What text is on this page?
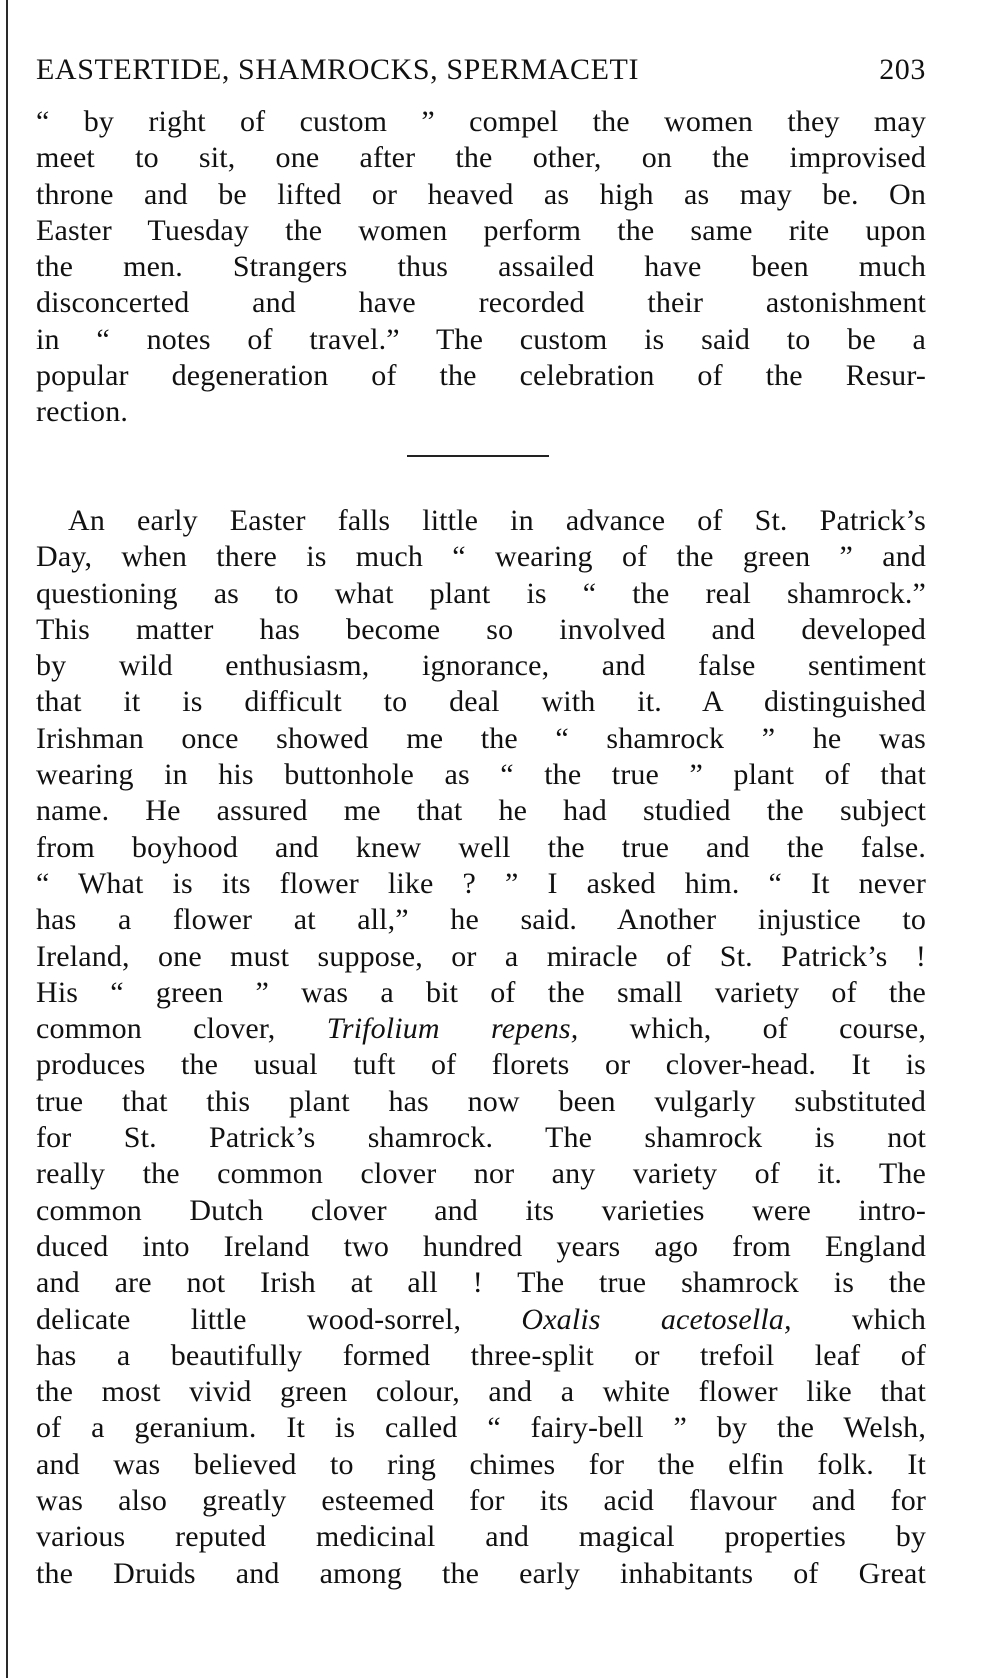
EASTERTIDE, SHAMROCKS, SPERMACETI	203
“ by right of custom ” compel the women they may
meet to sit, one after the other, on the improvised
throne and be lifted or heaved as high as may be. On
Easter Tuesday the women perform the same rite upon
the men. Strangers thus assailed have been much
disconcerted and have recorded their astonishment
in “ notes of travel.” The custom is said to be a
popular degeneration of the celebration of the Resur-
rection.
An early Easter falls little in advance of St. Patrick’s
Day, when there is much “ wearing of the green ” and
questioning as to what plant is “ the real shamrock.”
This matter has become so involved and developed
by wild enthusiasm, ignorance, and false sentiment
that it is difficult to deal with it. A distinguished
Irishman once showed me the “ shamrock ” he was
wearing in his buttonhole as “ the true ” plant of that
name. He assured me that he had studied the subject
from boyhood and knew well the true and the false.
“ What is its flower like ? ” I asked him. “ It never
has a flower at all,” he said. Another injustice to
Ireland, one must suppose, or a miracle of St. Patrick’s !
His “ green ” was a bit of the small variety of the
common clover, Trifolium repens, which, of course,
produces the usual tuft of florets or clover-head. It is
true that this plant has now been vulgarly substituted
for St. Patrick’s shamrock. The shamrock is not
really the common clover nor any variety of it. The
common Dutch clover and its varieties were intro-
duced into Ireland two hundred years ago from England
and are not Irish at all ! The true shamrock is the
delicate little wood-sorrel, Oxalis acetosella, which
has a beautifully formed three-split or trefoil leaf of
the most vivid green colour, and a white flower like that
of a geranium. It is called “ fairy-bell ” by the Welsh,
and was believed to ring chimes for the elfin folk. It
was also greatly esteemed for its acid flavour and for
various reputed medicinal and magical properties by
the Druids and among the early inhabitants of Great
